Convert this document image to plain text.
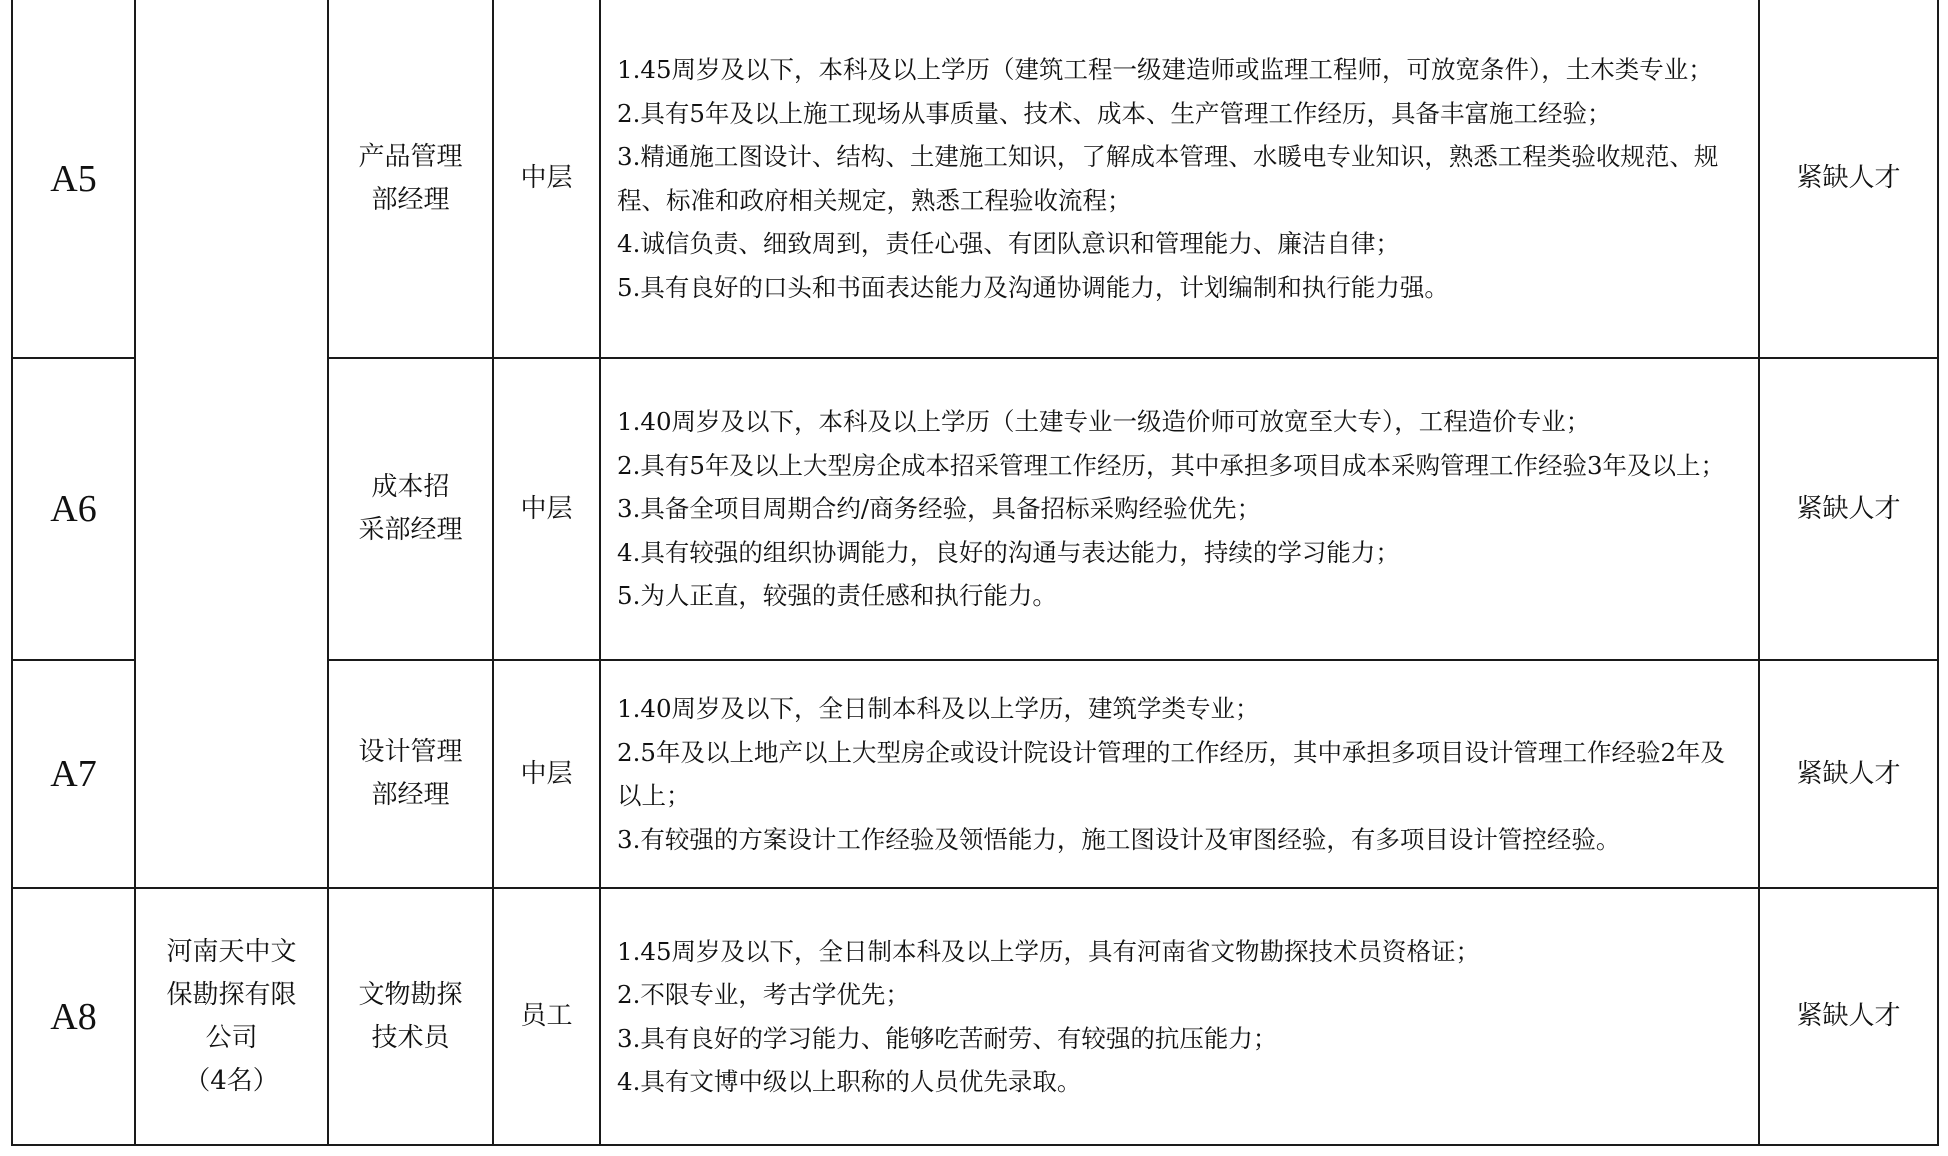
A5		产品管理
部经理	中层	1.45周岁及以下，本科及以上学历（建筑工程一级建造师或监理工程师，可放宽条件），土木类专业；
2.具有5年及以上施工现场从事质量、技术、成本、生产管理工作经历，具备丰富施工经验；
3.精通施工图设计、结构、土建施工知识，了解成本管理、水暖电专业知识，熟悉工程类验收规范、规程、标准和政府相关规定，熟悉工程验收流程；
4.诚信负责、细致周到，责任心强、有团队意识和管理能力、廉洁自律；
5.具有良好的口头和书面表达能力及沟通协调能力，计划编制和执行能力强。	紧缺人才
A6		成本招
采部经理	中层	1.40周岁及以下，本科及以上学历（土建专业一级造价师可放宽至大专），工程造价专业；
2.具有5年及以上大型房企成本招采管理工作经历，其中承担多项目成本采购管理工作经验3年及以上；
3.具备全项目周期合约/商务经验，具备招标采购经验优先；
4.具有较强的组织协调能力，良好的沟通与表达能力，持续的学习能力；
5.为人正直，较强的责任感和执行能力。	紧缺人才
A7		设计管理
部经理	中层	1.40周岁及以下，全日制本科及以上学历，建筑学类专业；
2.5年及以上地产以上大型房企或设计院设计管理的工作经历，其中承担多项目设计管理工作经验2年及以上；
3.有较强的方案设计工作经验及领悟能力，施工图设计及审图经验，有多项目设计管控经验。	紧缺人才
A8	河南天中文
保勘探有限
公司
（4名）	文物勘探
技术员	员工	1.45周岁及以下，全日制本科及以上学历，具有河南省文物勘探技术员资格证；
2.不限专业，考古学优先；
3.具有良好的学习能力、能够吃苦耐劳、有较强的抗压能力；
4.具有文博中级以上职称的人员优先录取。	紧缺人才
